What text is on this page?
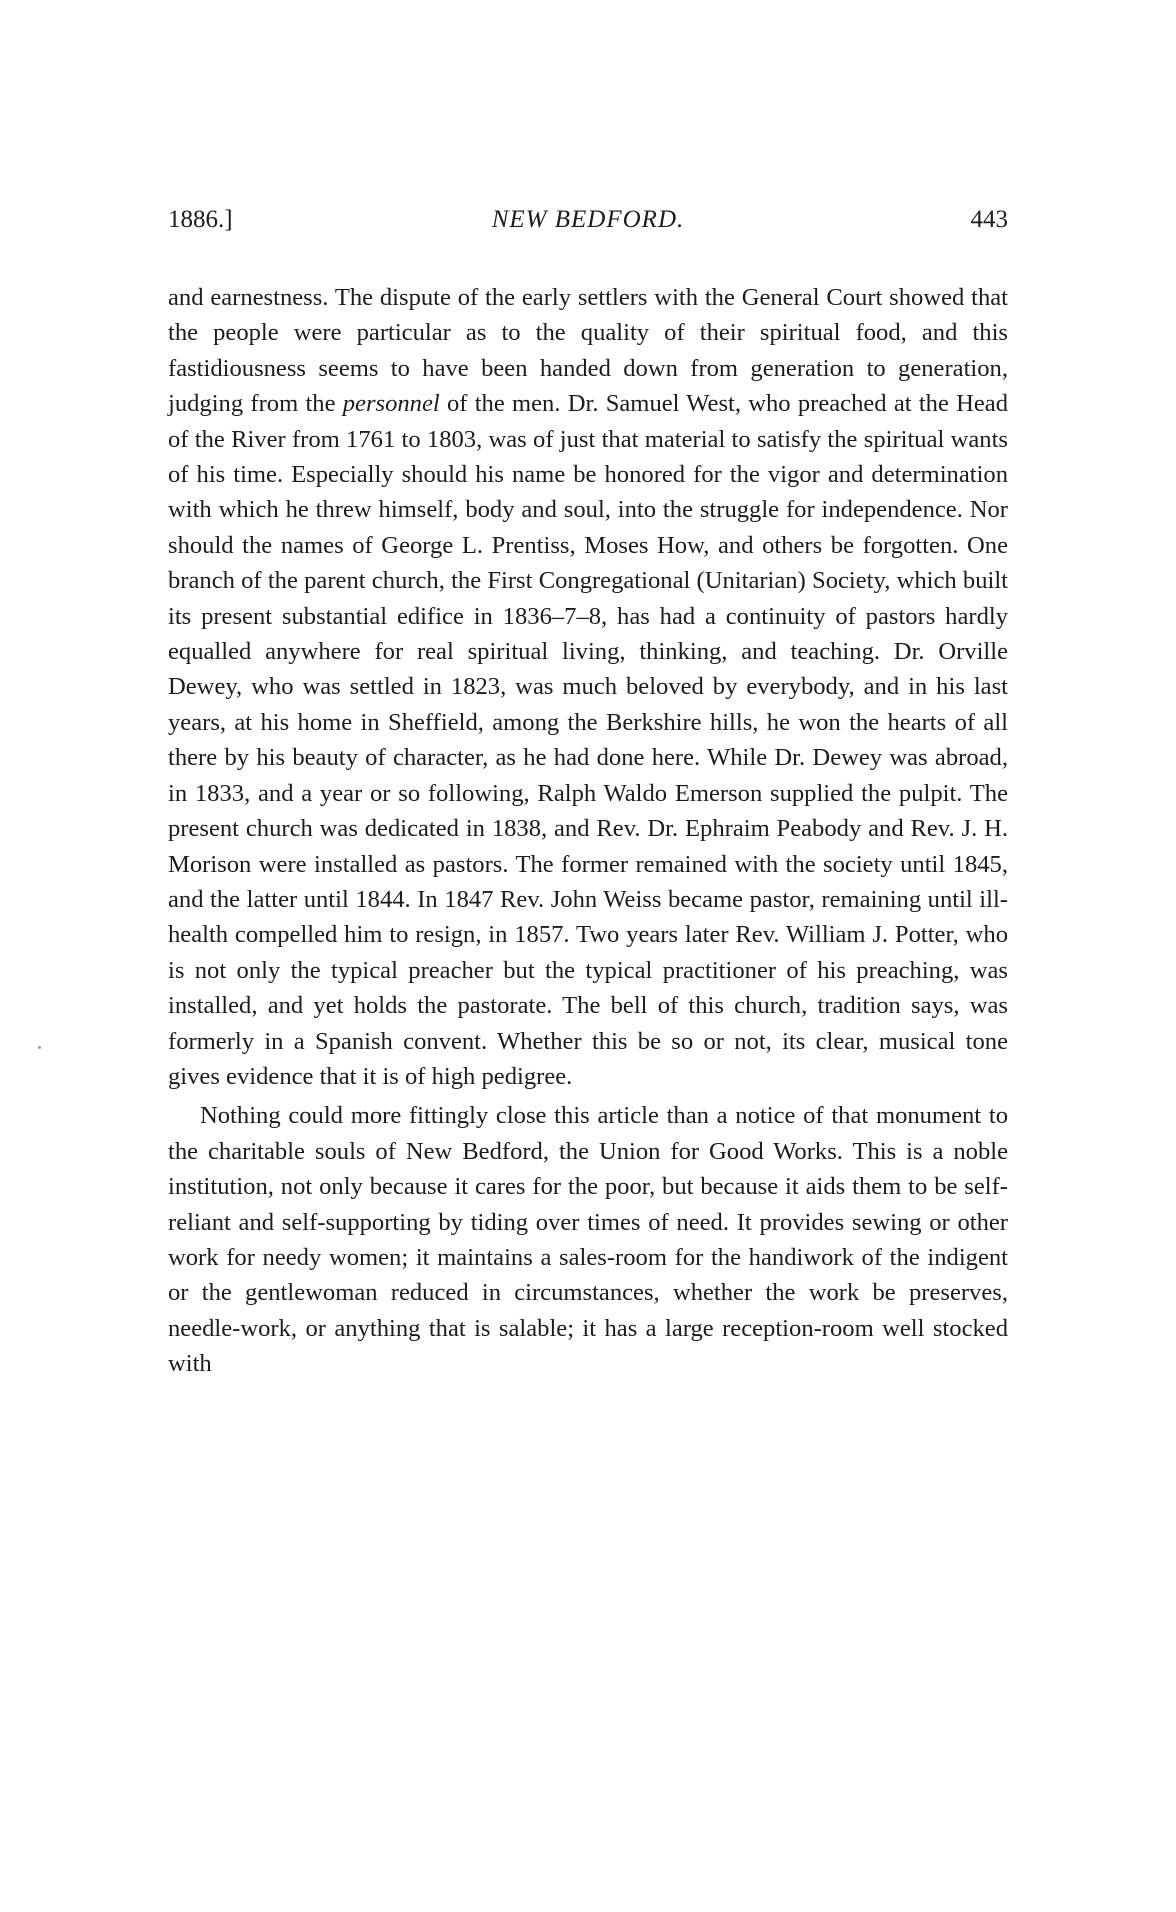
1886.]	NEW BEDFORD.	443

and earnestness. The dispute of the early settlers with the General Court showed that the people were particular as to the quality of their spiritual food, and this fastidiousness seems to have been handed down from generation to generation, judging from the personnel of the men. Dr. Samuel West, who preached at the Head of the River from 1761 to 1803, was of just that material to satisfy the spiritual wants of his time. Especially should his name be honored for the vigor and determination with which he threw himself, body and soul, into the struggle for independence. Nor should the names of George L. Prentiss, Moses How, and others be forgotten. One branch of the parent church, the First Congregational (Unitarian) Society, which built its present substantial edifice in 1836–7–8, has had a continuity of pastors hardly equalled anywhere for real spiritual living, thinking, and teaching. Dr. Orville Dewey, who was settled in 1823, was much beloved by everybody, and in his last years, at his home in Sheffield, among the Berkshire hills, he won the hearts of all there by his beauty of character, as he had done here. While Dr. Dewey was abroad, in 1833, and a year or so following, Ralph Waldo Emerson supplied the pulpit. The present church was dedicated in 1838, and Rev. Dr. Ephraim Peabody and Rev. J. H. Morison were installed as pastors. The former remained with the society until 1845, and the latter until 1844. In 1847 Rev. John Weiss became pastor, remaining until ill-health compelled him to resign, in 1857. Two years later Rev. William J. Potter, who is not only the typical preacher but the typical practitioner of his preaching, was installed, and yet holds the pastorate. The bell of this church, tradition says, was formerly in a Spanish convent. Whether this be so or not, its clear, musical tone gives evidence that it is of high pedigree.

Nothing could more fittingly close this article than a notice of that monument to the charitable souls of New Bedford, the Union for Good Works. This is a noble institution, not only because it cares for the poor, but because it aids them to be self-reliant and self-supporting by tiding over times of need. It provides sewing or other work for needy women; it maintains a sales-room for the handiwork of the indigent or the gentlewoman reduced in circumstances, whether the work be preserves, needle-work, or anything that is salable; it has a large reception-room well stocked with
